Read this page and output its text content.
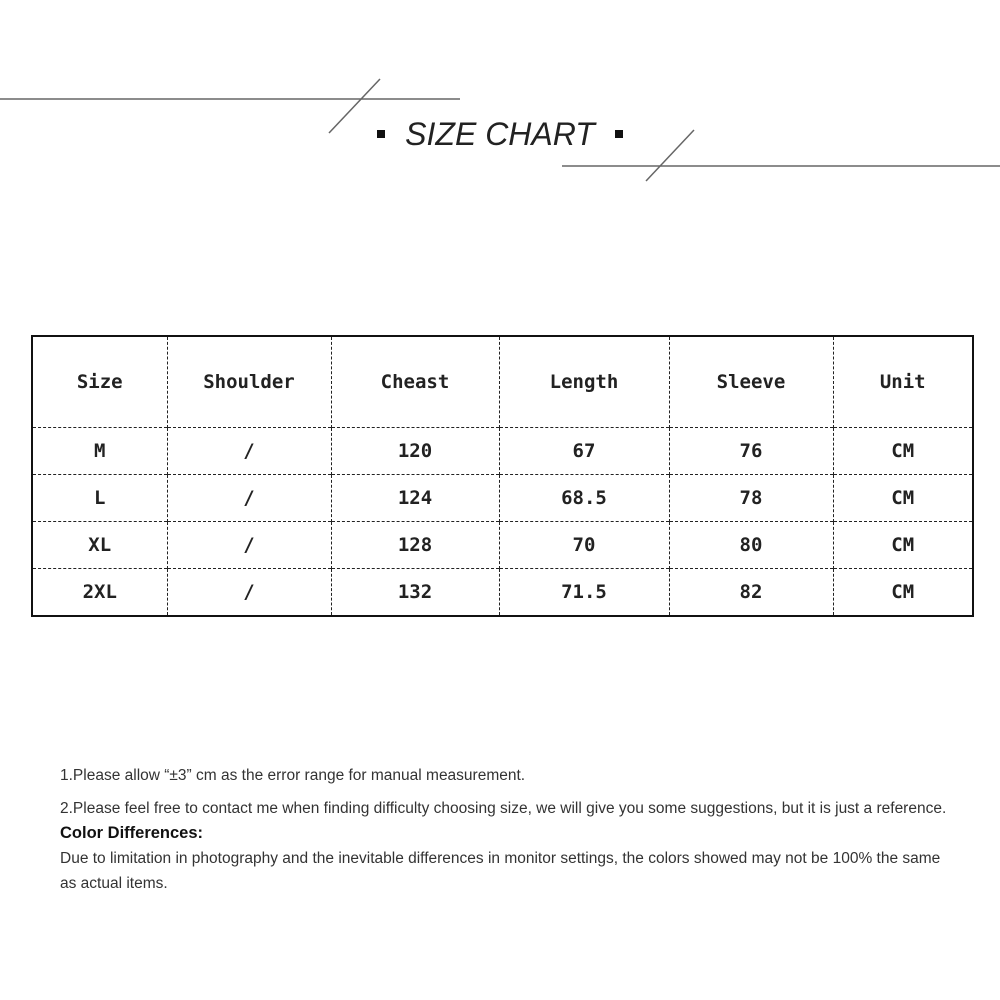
SIZE CHART
Size	Shoulder	Cheast	Length	Sleeve	Unit
M	/	120	67	76	CM
L	/	124	68.5	78	CM
XL	/	128	70	80	CM
2XL	/	132	71.5	82	CM

1.Please allow “±3” cm as the error range for manual measurement.

2.Please feel free to contact me when finding difficulty choosing size, we will give you some suggestions, but it is just a reference.

Color Differences:

Due to limitation in photography and the inevitable differences in monitor settings, the colors showed may not be 100% the same as actual items.
